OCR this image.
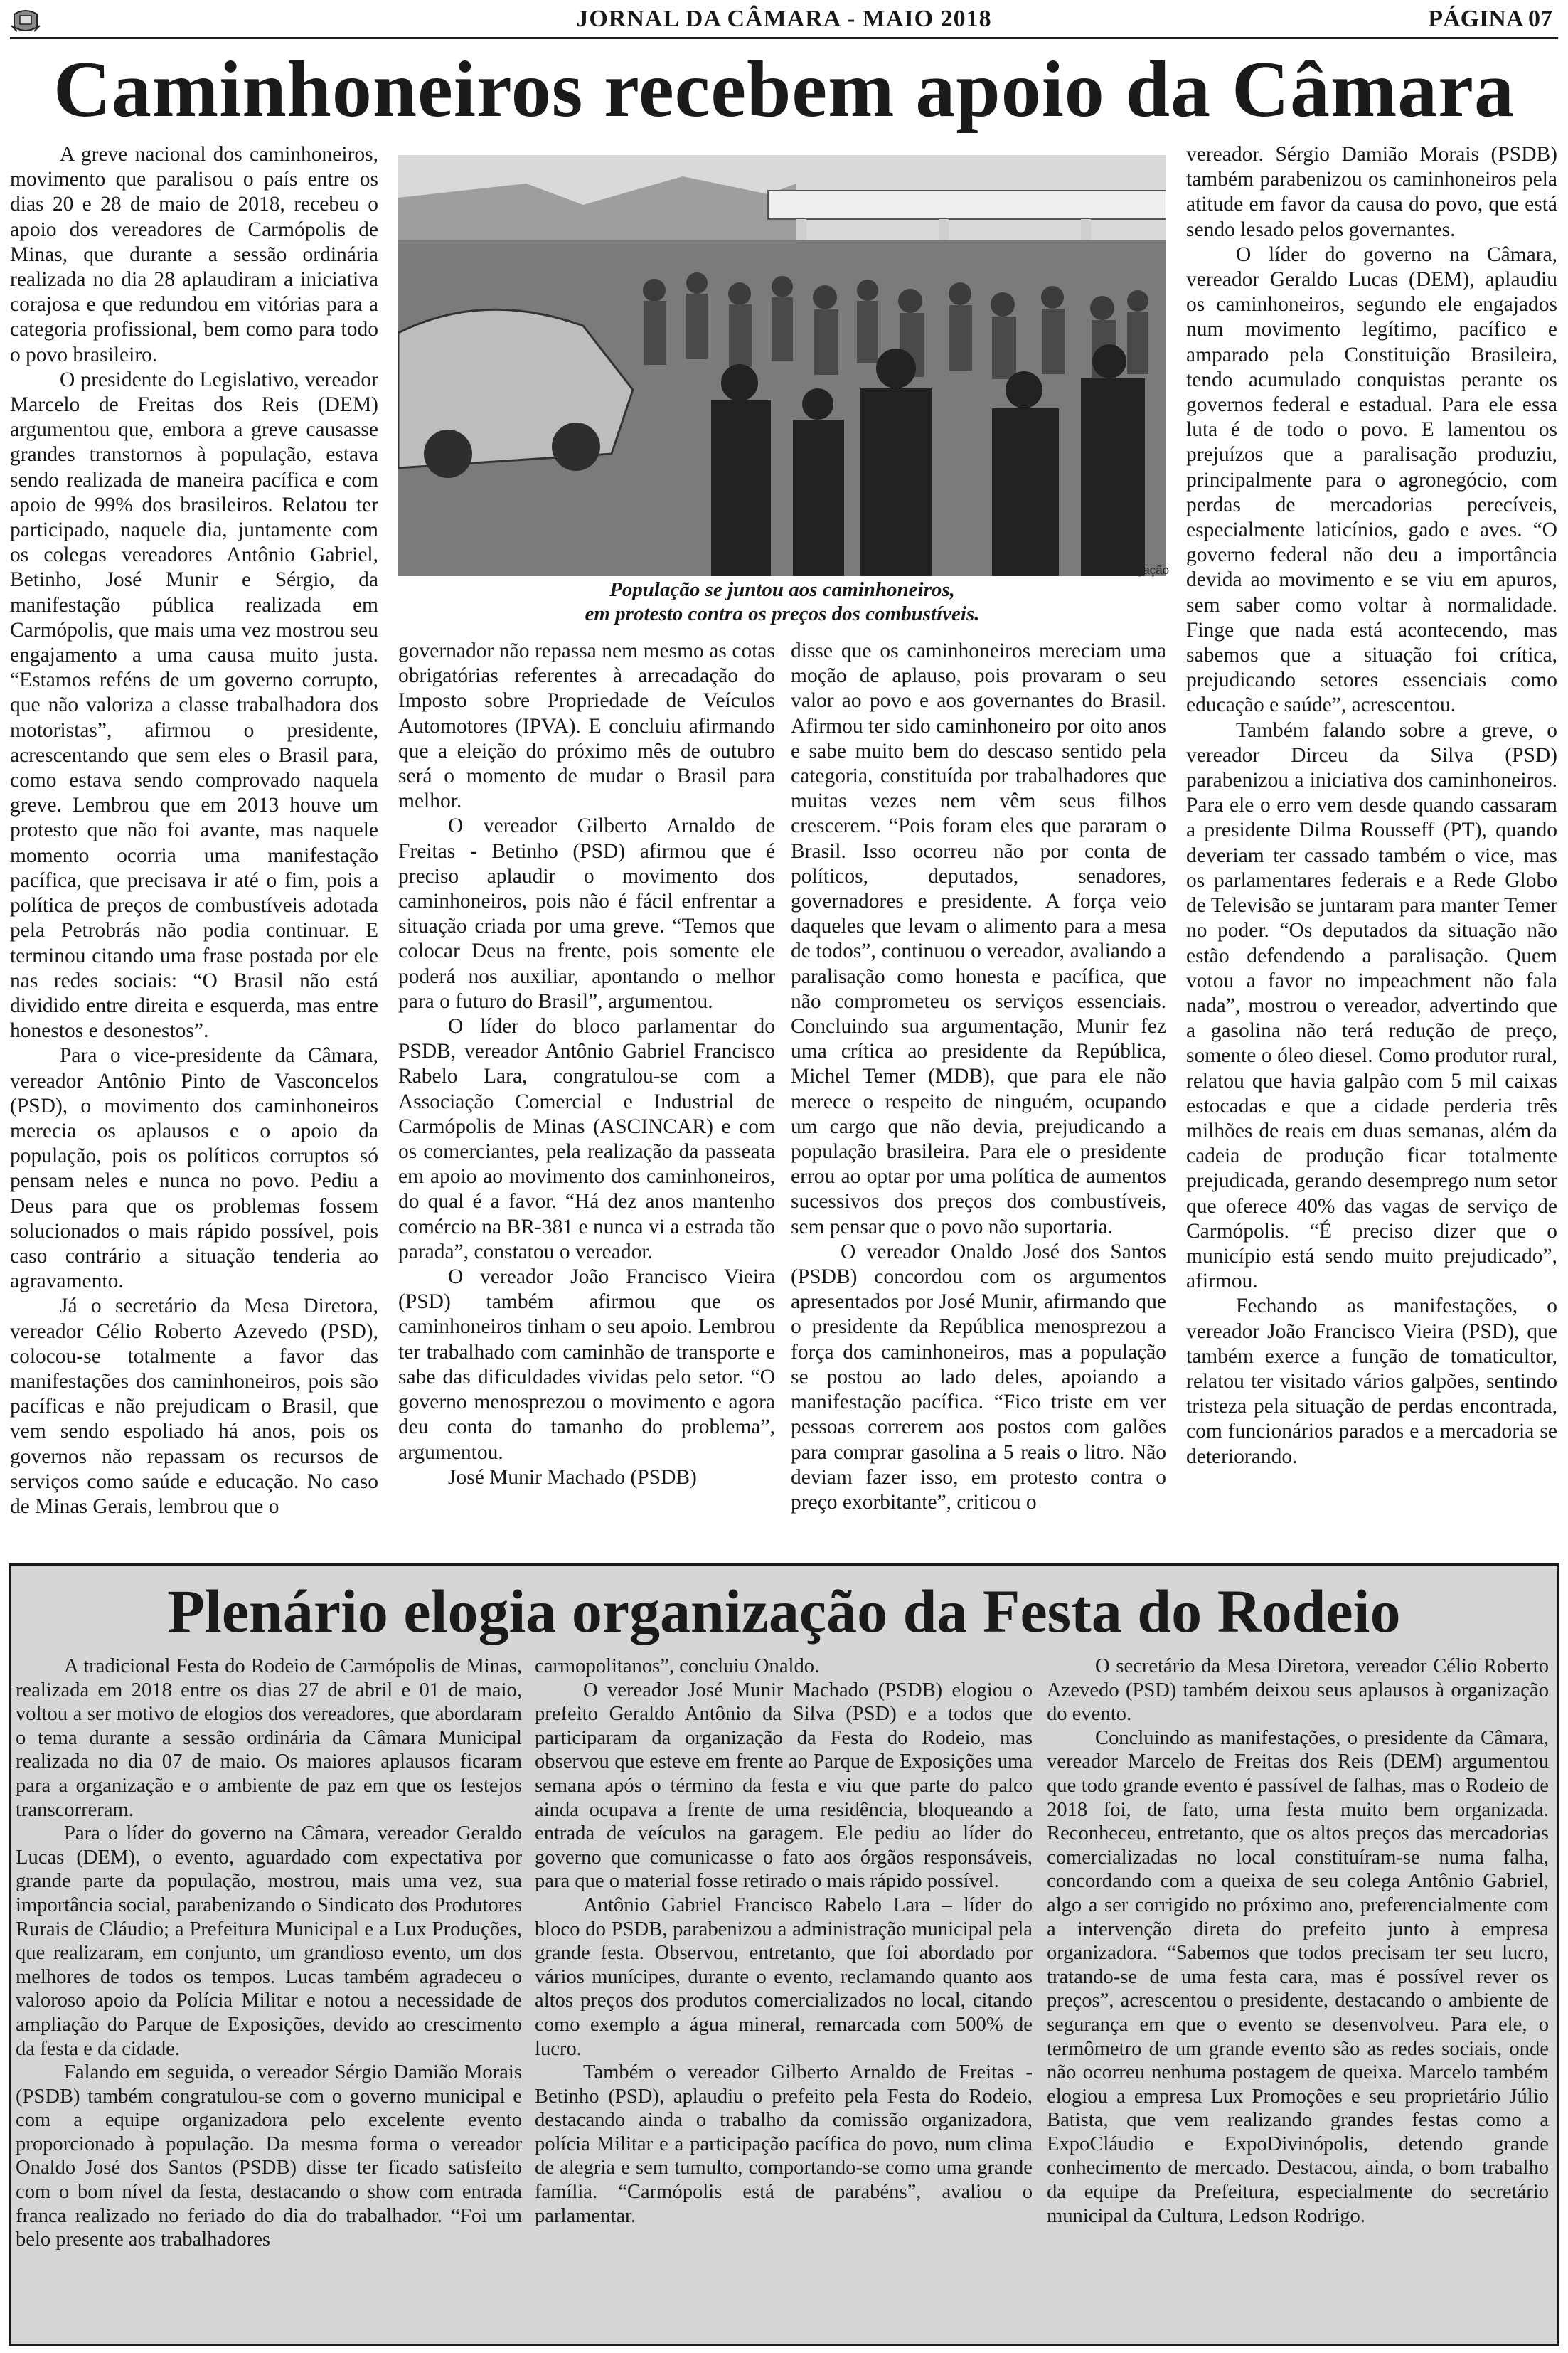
JORNAL DA CÂMARA - MAIO 2018	PÁGINA 07
Caminhoneiros recebem apoio da Câmara

A greve nacional dos caminhoneiros, movimento que paralisou o país entre os dias 20 e 28 de maio de 2018, recebeu o apoio dos vereadores de Carmópolis de Minas, que durante a sessão ordinária realizada no dia 28 aplaudiram a iniciativa corajosa e que redundou em vitórias para a categoria profissional, bem como para todo o povo brasileiro.

O presidente do Legislativo, vereador Marcelo de Freitas dos Reis (DEM) argumentou que, embora a greve causasse grandes transtornos à população, estava sendo realizada de maneira pacífica e com apoio de 99% dos brasileiros. Relatou ter participado, naquele dia, juntamente com os colegas vereadores Antônio Gabriel, Betinho, José Munir e Sérgio, da manifestação pública realizada em Carmópolis, que mais uma vez mostrou seu engajamento a uma causa muito justa. “Estamos reféns de um governo corrupto, que não valoriza a classe trabalhadora dos motoristas”, afirmou o presidente, acrescentando que sem eles o Brasil para, como estava sendo comprovado naquela greve. Lembrou que em 2013 houve um protesto que não foi avante, mas naquele momento ocorria uma manifestação pacífica, que precisava ir até o fim, pois a política de preços de combustíveis adotada pela Petrobrás não podia continuar. E terminou citando uma frase postada por ele nas redes sociais: “O Brasil não está dividido entre direita e esquerda, mas entre honestos e desonestos”.

Para o vice-presidente da Câmara, vereador Antônio Pinto de Vasconcelos (PSD), o movimento dos caminhoneiros merecia os aplausos e o apoio da população, pois os políticos corruptos só pensam neles e nunca no povo. Pediu a Deus para que os problemas fossem solucionados o mais rápido possível, pois caso contrário a situação tenderia ao agravamento.

Já o secretário da Mesa Diretora, vereador Célio Roberto Azevedo (PSD), colocou-se totalmente a favor das manifestações dos caminhoneiros, pois são pacíficas e não prejudicam o Brasil, que vem sendo espoliado há anos, pois os governos não repassam os recursos de serviços como saúde e educação. No caso de Minas Gerais, lembrou que o

Divulgação
População se juntou aos caminhoneiros,
em protesto contra os preços dos combustíveis.

governador não repassa nem mesmo as cotas obrigatórias referentes à arrecadação do Imposto sobre Propriedade de Veículos Automotores (IPVA). E concluiu afirmando que a eleição do próximo mês de outubro será o momento de mudar o Brasil para melhor.

O vereador Gilberto Arnaldo de Freitas - Betinho (PSD) afirmou que é preciso aplaudir o movimento dos caminhoneiros, pois não é fácil enfrentar a situação criada por uma greve. “Temos que colocar Deus na frente, pois somente ele poderá nos auxiliar, apontando o melhor para o futuro do Brasil”, argumentou.

O líder do bloco parlamentar do PSDB, vereador Antônio Gabriel Francisco Rabelo Lara, congratulou-se com a Associação Comercial e Industrial de Carmópolis de Minas (ASCINCAR) e com os comerciantes, pela realização da passeata em apoio ao movimento dos caminhoneiros, do qual é a favor. “Há dez anos mantenho comércio na BR-381 e nunca vi a estrada tão parada”, constatou o vereador.

O vereador João Francisco Vieira (PSD) também afirmou que os caminhoneiros tinham o seu apoio. Lembrou ter trabalhado com caminhão de transporte e sabe das dificuldades vividas pelo setor. “O governo menosprezou o movimento e agora deu conta do tamanho do problema”, argumentou.

José Munir Machado (PSDB)

disse que os caminhoneiros mereciam uma moção de aplauso, pois provaram o seu valor ao povo e aos governantes do Brasil. Afirmou ter sido caminhoneiro por oito anos e sabe muito bem do descaso sentido pela categoria, constituída por trabalhadores que muitas vezes nem vêm seus filhos crescerem. “Pois foram eles que pararam o Brasil. Isso ocorreu não por conta de políticos, deputados, senadores, governadores e presidente. A força veio daqueles que levam o alimento para a mesa de todos”, continuou o vereador, avaliando a paralisação como honesta e pacífica, que não comprometeu os serviços essenciais. Concluindo sua argumentação, Munir fez uma crítica ao presidente da República, Michel Temer (MDB), que para ele não merece o respeito de ninguém, ocupando um cargo que não devia, prejudicando a população brasileira. Para ele o presidente errou ao optar por uma política de aumentos sucessivos dos preços dos combustíveis, sem pensar que o povo não suportaria.

O vereador Onaldo José dos Santos (PSDB) concordou com os argumentos apresentados por José Munir, afirmando que o presidente da República menosprezou a força dos caminhoneiros, mas a população se postou ao lado deles, apoiando a manifestação pacífica. “Fico triste em ver pessoas correrem aos postos com galões para comprar gasolina a 5 reais o litro. Não deviam fazer isso, em protesto contra o preço exorbitante”, criticou o

vereador. Sérgio Damião Morais (PSDB) também parabenizou os caminhoneiros pela atitude em favor da causa do povo, que está sendo lesado pelos governantes.

O líder do governo na Câmara, vereador Geraldo Lucas (DEM), aplaudiu os caminhoneiros, segundo ele engajados num movimento legítimo, pacífico e amparado pela Constituição Brasileira, tendo acumulado conquistas perante os governos federal e estadual. Para ele essa luta é de todo o povo. E lamentou os prejuízos que a paralisação produziu, principalmente para o agronegócio, com perdas de mercadorias perecíveis, especialmente laticínios, gado e aves. “O governo federal não deu a importância devida ao movimento e se viu em apuros, sem saber como voltar à normalidade. Finge que nada está acontecendo, mas sabemos que a situação foi crítica, prejudicando setores essenciais como educação e saúde”, acrescentou.

Também falando sobre a greve, o vereador Dirceu da Silva (PSD) parabenizou a iniciativa dos caminhoneiros. Para ele o erro vem desde quando cassaram a presidente Dilma Rousseff (PT), quando deveriam ter cassado também o vice, mas os parlamentares federais e a Rede Globo de Televisão se juntaram para manter Temer no poder. “Os deputados da situação não estão defendendo a paralisação. Quem votou a favor no impeachment não fala nada”, mostrou o vereador, advertindo que a gasolina não terá redução de preço, somente o óleo diesel. Como produtor rural, relatou que havia galpão com 5 mil caixas estocadas e que a cidade perderia três milhões de reais em duas semanas, além da cadeia de produção ficar totalmente prejudicada, gerando desemprego num setor que oferece 40% das vagas de serviço de Carmópolis. “É preciso dizer que o município está sendo muito prejudicado”, afirmou.

Fechando as manifestações, o vereador João Francisco Vieira (PSD), que também exerce a função de tomaticultor, relatou ter visitado vários galpões, sentindo tristeza pela situação de perdas encontrada, com funcionários parados e a mercadoria se deteriorando.

Plenário elogia organização da Festa do Rodeio

A tradicional Festa do Rodeio de Carmópolis de Minas, realizada em 2018 entre os dias 27 de abril e 01 de maio, voltou a ser motivo de elogios dos vereadores, que abordaram o tema durante a sessão ordinária da Câmara Municipal realizada no dia 07 de maio. Os maiores aplausos ficaram para a organização e o ambiente de paz em que os festejos transcorreram.

Para o líder do governo na Câmara, vereador Geraldo Lucas (DEM), o evento, aguardado com expectativa por grande parte da população, mostrou, mais uma vez, sua importância social, parabenizando o Sindicato dos Produtores Rurais de Cláudio; a Prefeitura Municipal e a Lux Produções, que realizaram, em conjunto, um grandioso evento, um dos melhores de todos os tempos. Lucas também agradeceu o valoroso apoio da Polícia Militar e notou a necessidade de ampliação do Parque de Exposições, devido ao crescimento da festa e da cidade.

Falando em seguida, o vereador Sérgio Damião Morais (PSDB) também congratulou-se com o governo municipal e com a equipe organizadora pelo excelente evento proporcionado à população. Da mesma forma o vereador Onaldo José dos Santos (PSDB) disse ter ficado satisfeito com o bom nível da festa, destacando o show com entrada franca realizado no feriado do dia do trabalhador. “Foi um belo presente aos trabalhadores

carmopolitanos”, concluiu Onaldo.

O vereador José Munir Machado (PSDB) elogiou o prefeito Geraldo Antônio da Silva (PSD) e a todos que participaram da organização da Festa do Rodeio, mas observou que esteve em frente ao Parque de Exposições uma semana após o término da festa e viu que parte do palco ainda ocupava a frente de uma residência, bloqueando a entrada de veículos na garagem. Ele pediu ao líder do governo que comunicasse o fato aos órgãos responsáveis, para que o material fosse retirado o mais rápido possível.

Antônio Gabriel Francisco Rabelo Lara – líder do bloco do PSDB, parabenizou a administração municipal pela grande festa. Observou, entretanto, que foi abordado por vários munícipes, durante o evento, reclamando quanto aos altos preços dos produtos comercializados no local, citando como exemplo a água mineral, remarcada com 500% de lucro.

Também o vereador Gilberto Arnaldo de Freitas - Betinho (PSD), aplaudiu o prefeito pela Festa do Rodeio, destacando ainda o trabalho da comissão organizadora, polícia Militar e a participação pacífica do povo, num clima de alegria e sem tumulto, comportando-se como uma grande família. “Carmópolis está de parabéns”, avaliou o parlamentar.

O secretário da Mesa Diretora, vereador Célio Roberto Azevedo (PSD) também deixou seus aplausos à organização do evento.

Concluindo as manifestações, o presidente da Câmara, vereador Marcelo de Freitas dos Reis (DEM) argumentou que todo grande evento é passível de falhas, mas o Rodeio de 2018 foi, de fato, uma festa muito bem organizada. Reconheceu, entretanto, que os altos preços das mercadorias comercializadas no local constituíram-se numa falha, concordando com a queixa de seu colega Antônio Gabriel, algo a ser corrigido no próximo ano, preferencialmente com a intervenção direta do prefeito junto à empresa organizadora. “Sabemos que todos precisam ter seu lucro, tratando-se de uma festa cara, mas é possível rever os preços”, acrescentou o presidente, destacando o ambiente de segurança em que o evento se desenvolveu. Para ele, o termômetro de um grande evento são as redes sociais, onde não ocorreu nenhuma postagem de queixa. Marcelo também elogiou a empresa Lux Promoções e seu proprietário Júlio Batista, que vem realizando grandes festas como a ExpoCláudio e ExpoDivinópolis, detendo grande conhecimento de mercado. Destacou, ainda, o bom trabalho da equipe da Prefeitura, especialmente do secretário municipal da Cultura, Ledson Rodrigo.
